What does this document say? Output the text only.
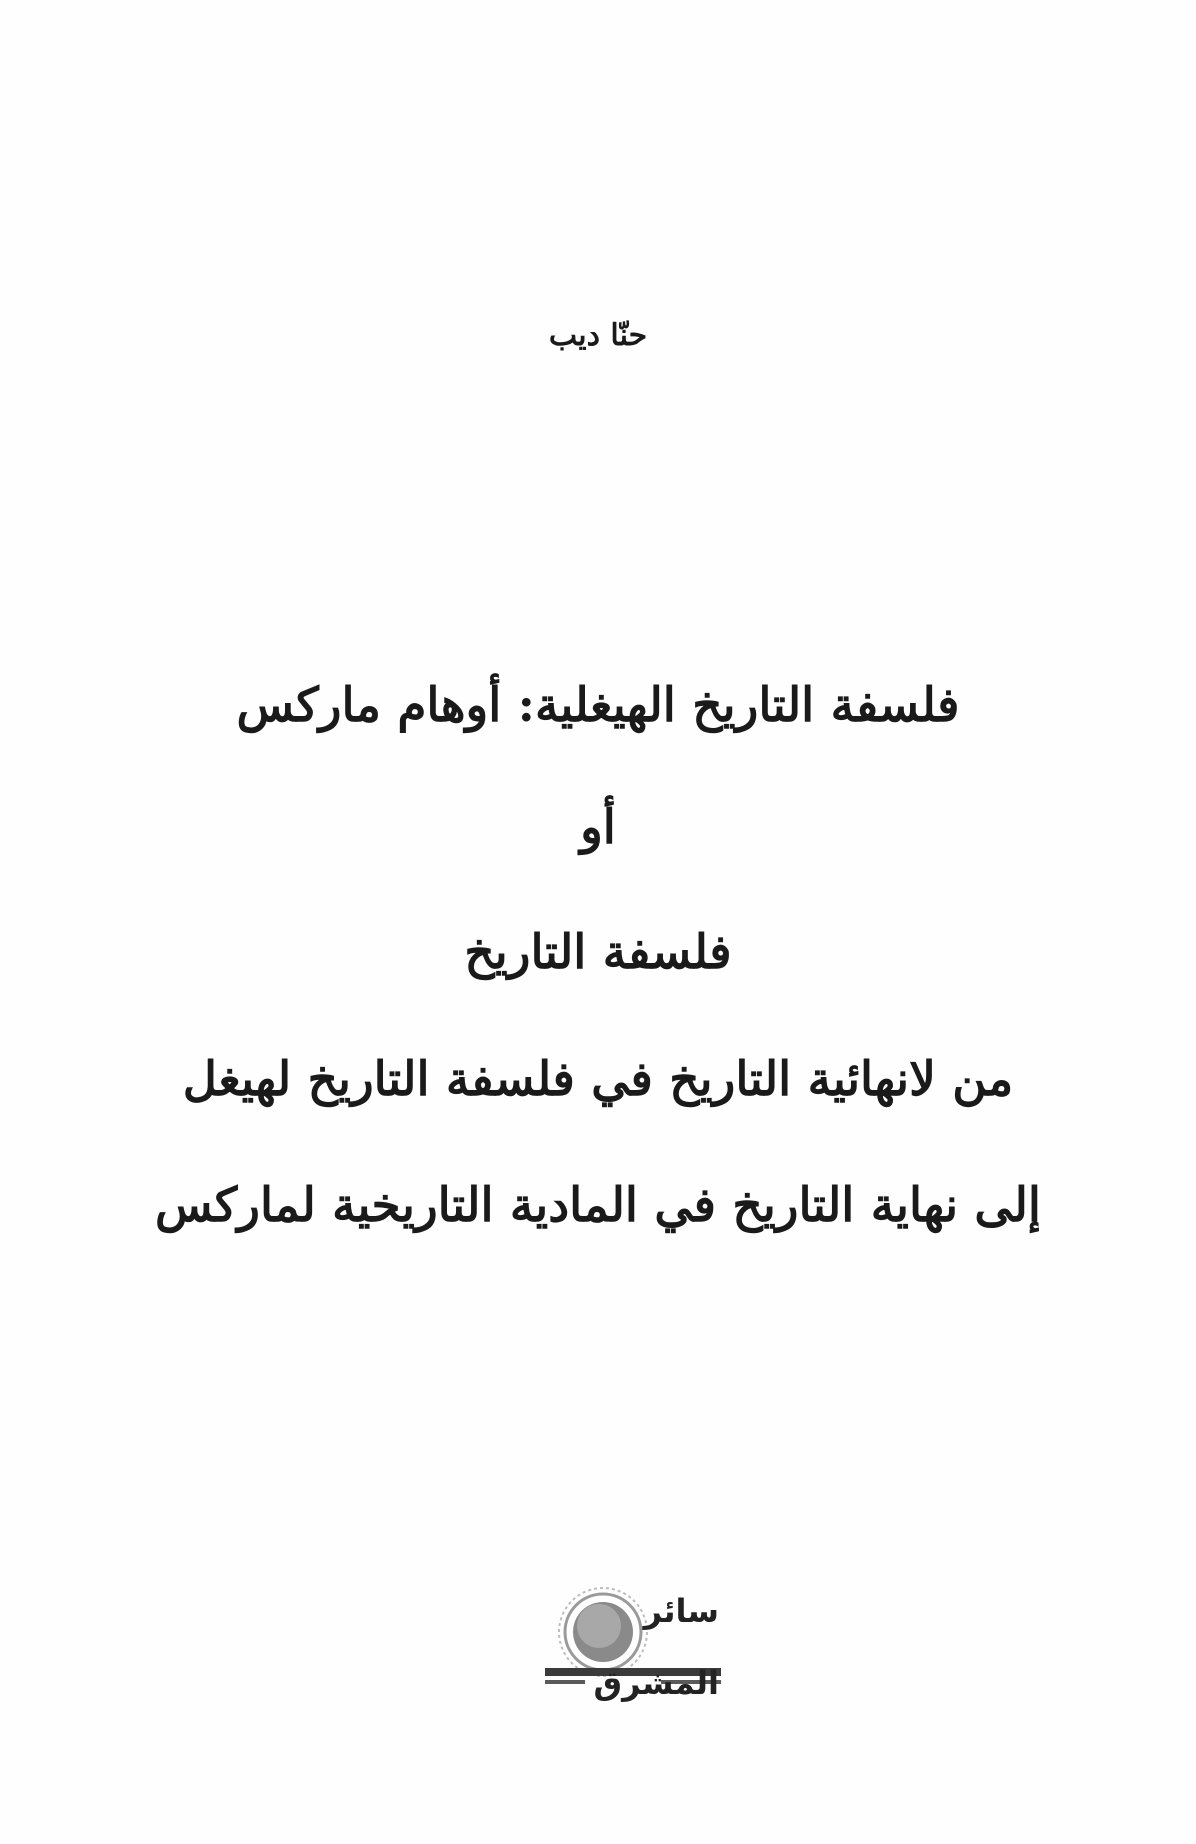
حنّا ديب
فلسفة التاريخ الهيغلية: أوهام ماركس
أو
فلسفة التاريخ
من لانهائية التاريخ في فلسفة التاريخ لهيغل
إلى نهاية التاريخ في المادية التاريخية لماركس
سائر
المشرق
